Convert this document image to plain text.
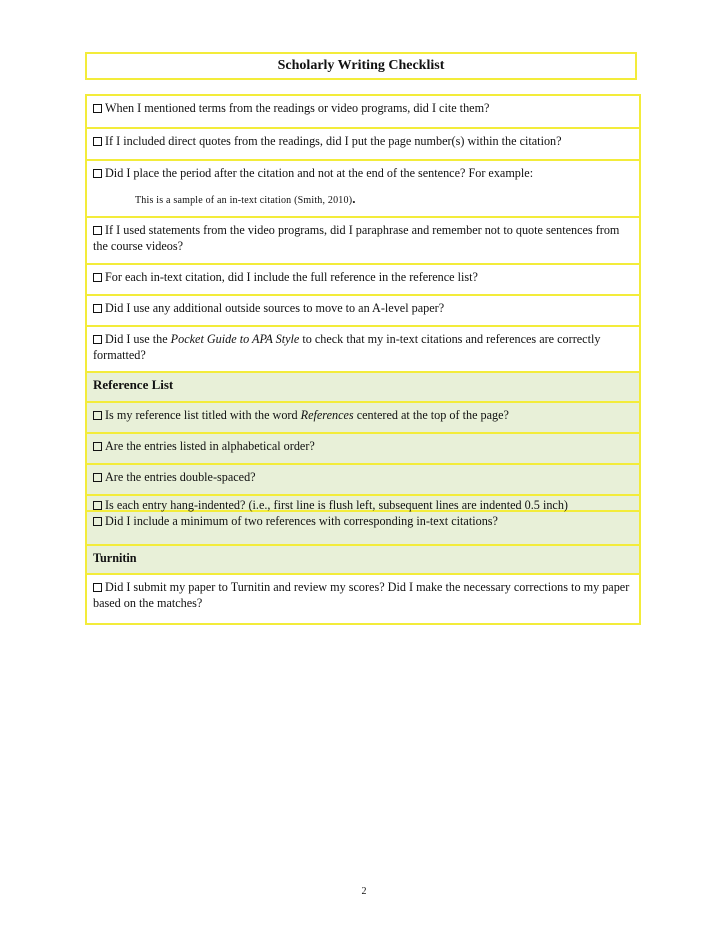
Scholarly Writing Checklist
When I mentioned terms from the readings or video programs, did I cite them?
If I included direct quotes from the readings, did I put the page number(s) within the citation?
Did I place the period after the citation and not at the end of the sentence? For example:
This is a sample of an in-text citation (Smith, 2010).
If I used statements from the video programs, did I paraphrase and remember not to quote sentences from the course videos?
For each in-text citation, did I include the full reference in the reference list?
Did I use any additional outside sources to move to an A-level paper?
Did I use the Pocket Guide to APA Style to check that my in-text citations and references are correctly formatted?
Reference List
Is my reference list titled with the word References centered at the top of the page?
Are the entries listed in alphabetical order?
Are the entries double-spaced?
Is each entry hang-indented? (i.e., first line is flush left, subsequent lines are indented 0.5 inch)
Did I include a minimum of two references with corresponding in-text citations?
Turnitin
Did I submit my paper to Turnitin and review my scores? Did I make the necessary corrections to my paper based on the matches?
2
